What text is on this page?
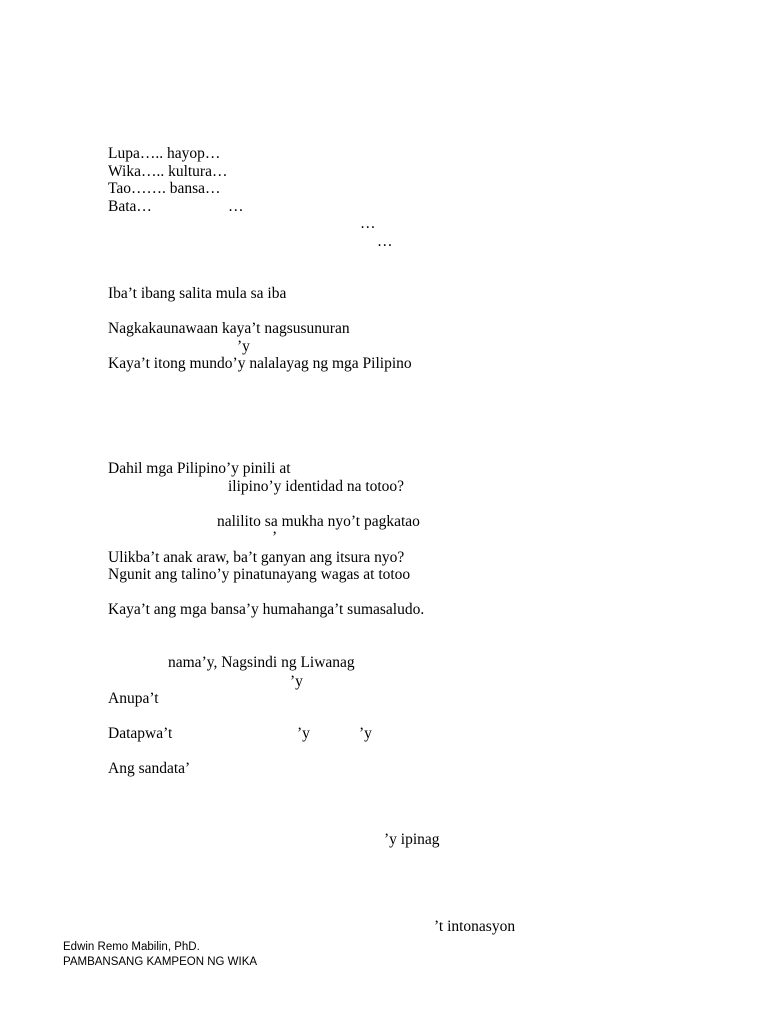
Lupa….. hayop…
Wika….. kultura…
Tao……. bansa…
Bata…	…
…
…
Iba’t ibang salita mula sa iba
Nagkakaunawaan kaya’t nagsusunuran
’y
Kaya’t itong mundo’y nalalayag ng mga Pilipino
Dahil mga Pilipino’y pinili at
ilipino’y identidad na totoo?
nalilito sa mukha nyo’t pagkatao
’
Ulikba’t anak araw, ba’t ganyan ang itsura nyo?
Ngunit ang talino’y pinatunayang wagas at totoo
Kaya’t ang mga bansa’y humahanga’t sumasaludo.
nama’y, Nagsindi ng Liwanag
’y
Anupa’t
Datapwa’t	’y	’y
Ang sandata’
’y ipinag
’t intonasyon
Edwin Remo Mabilin, PhD.
PAMBANSANG KAMPEON NG WIKA
